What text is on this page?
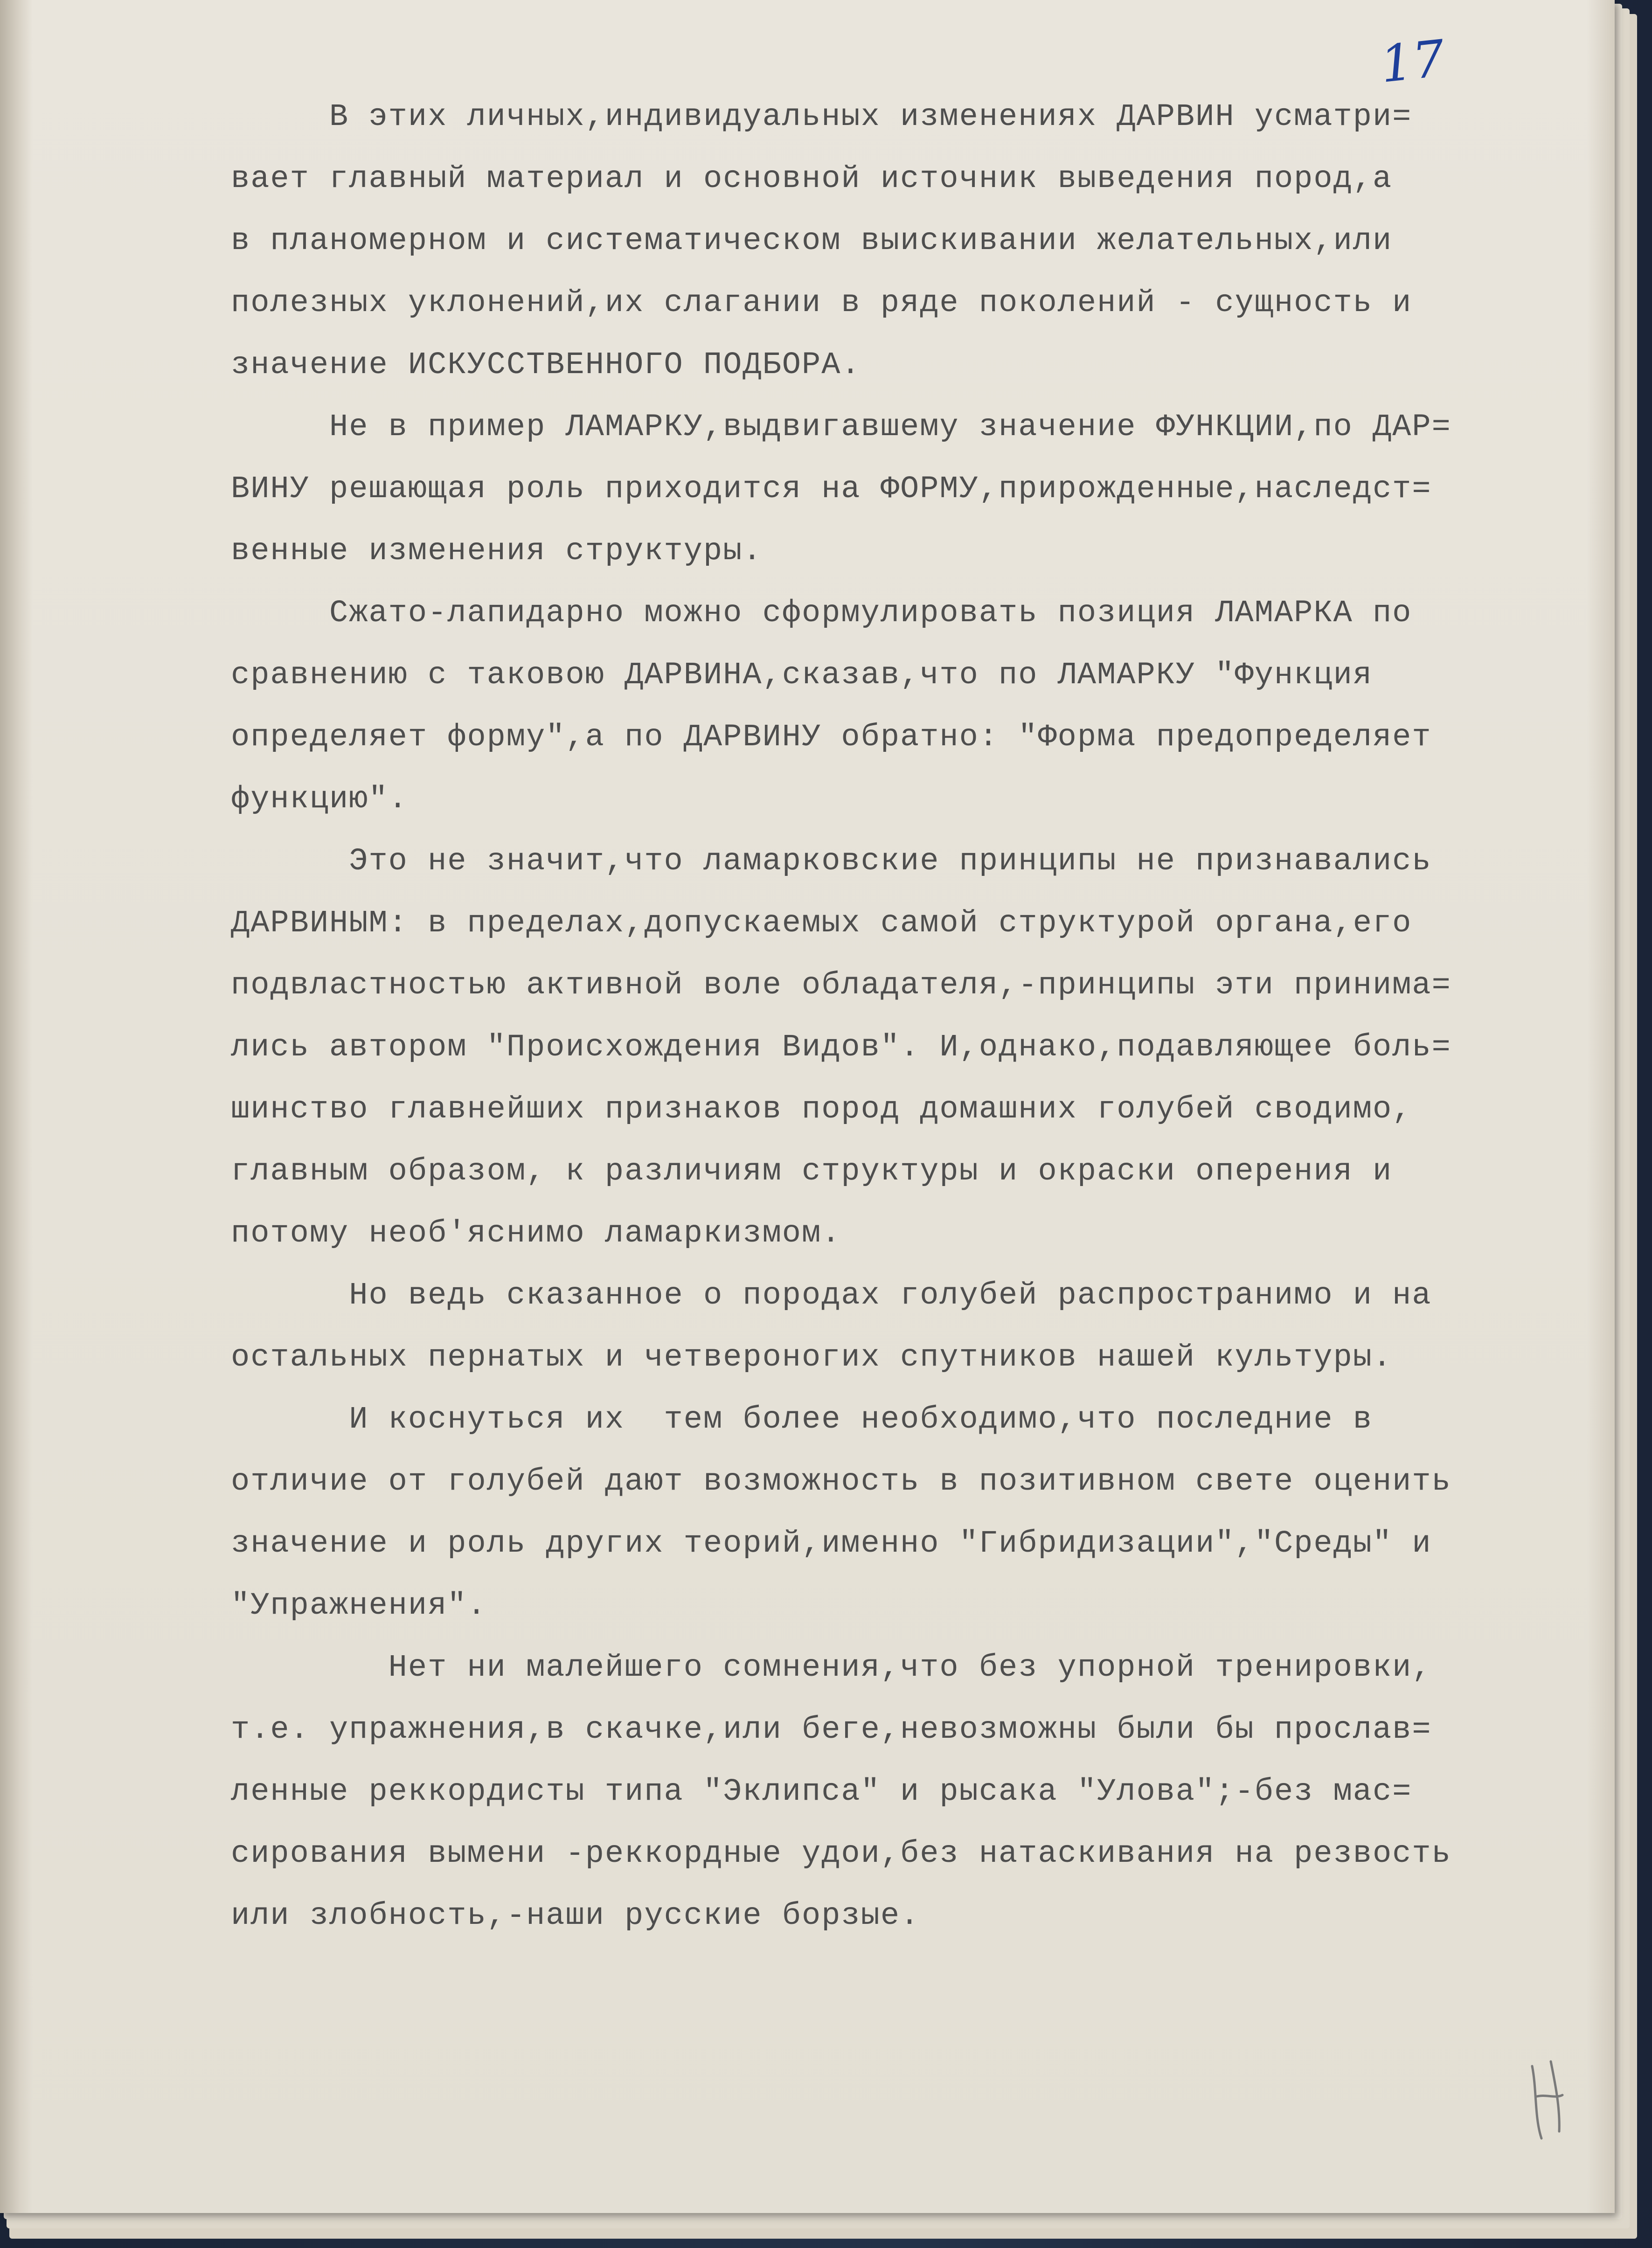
17
В этих личных,индивидуальных изменениях ДАРВИН усматри=
вает главный материал и основной источник выведения пород,а
в планомерном и систематическом выискивании желательных,или
полезных уклонений,их слагании в ряде поколений - сущность и
значение ИСКУССТВЕННОГО ПОДБОРА.
Не в пример ЛАМАРКУ,выдвигавшему значение ФУНКЦИИ,по ДАР=
ВИНУ решающая роль приходится на ФОРМУ,прирожденные,наследст=
венные изменения структуры.
Сжато-лапидарно можно сформулировать позиция ЛАМАРКА по
сравнению с таковою ДАРВИНА,сказав,что по ЛАМАРКУ "Функция
определяет форму",а по ДАРВИНУ обратно: "Форма предопределяет
функцию".
Это не значит,что ламарковские принципы не признавались
ДАРВИНЫМ: в пределах,допускаемых самой структурой органа,его
подвластностью активной воле обладателя,-принципы эти принима=
лись автором "Происхождения Видов". И,однако,подавляющее боль=
шинство главнейших признаков пород домашних голубей сводимо,
главным образом, к различиям структуры и окраски оперения и
потому необ'яснимо ламаркизмом.
Но ведь сказанное о породах голубей распространимо и на
остальных пернатых и четвероногих спутников нашей культуры.
И коснуться их  тем более необходимо,что последние в
отличие от голубей дают возможность в позитивном свете оценить
значение и роль других теорий,именно "Гибридизации","Среды" и
"Упражнения".
Нет ни малейшего сомнения,что без упорной тренировки,
т.е. упражнения,в скачке,или беге,невозможны были бы прослав=
ленные реккордисты типа "Эклипса" и рысака "Улова";-без мас=
сирования вымени -реккордные удои,без натаскивания на резвость
или злобность,-наши русские борзые.
